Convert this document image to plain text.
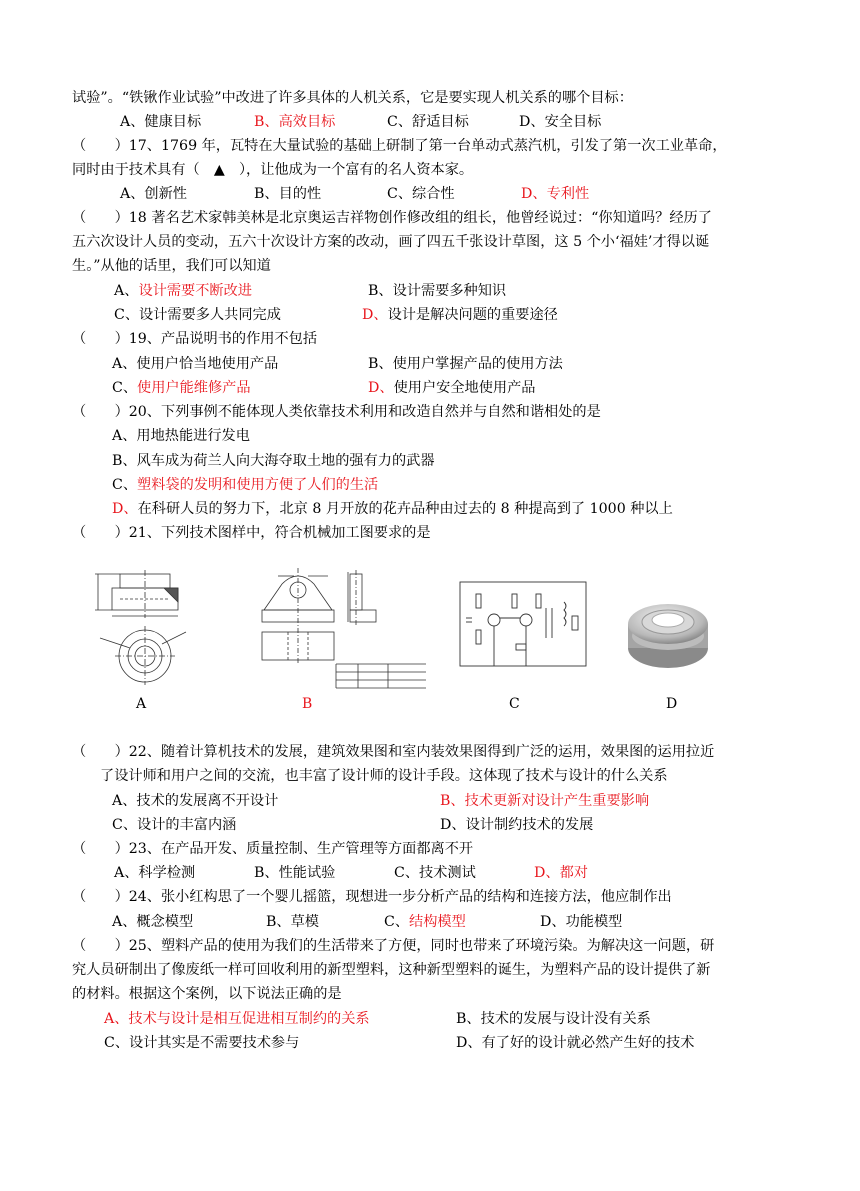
试验”。“铁锹作业试验”中改进了许多具体的人机关系，它是要实现人机关系的哪个目标：
A、健康目标	B、高效目标	C、舒适目标	D、安全目标
（　　）17、1769 年，瓦特在大量试验的基础上研制了第一台单动式蒸汽机，引发了第一次工业革命，
同时由于技术具有（　▲　），让他成为一个富有的名人资本家。
A、创新性	B、目的性	C、综合性	D、专利性
（　　）18 著名艺术家韩美林是北京奥运吉祥物创作修改组的组长，他曾经说过：“你知道吗？经历了
五六次设计人员的变动，五六十次设计方案的改动，画了四五千张设计草图，这 5 个小‘福娃’才得以诞
生。”从他的话里，我们可以知道
A、设计需要不断改进	B、设计需要多种知识
C、设计需要多人共同完成	D、设计是解决问题的重要途径
（　　）19、产品说明书的作用不包括
A、使用户恰当地使用产品	B、使用户掌握产品的使用方法
C、使用户能维修产品	D、使用户安全地使用产品
（　　）20、下列事例不能体现人类依靠技术利用和改造自然并与自然和谐相处的是
A、用地热能进行发电
B、风车成为荷兰人向大海夺取土地的强有力的武器
C、塑料袋的发明和使用方便了人们的生活
D、在科研人员的努力下，北京 8 月开放的花卉品种由过去的 8 种提高到了 1000 种以上
（　　）21、下列技术图样中，符合机械加工图要求的是
A	B	C	D
（　　）22、随着计算机技术的发展，建筑效果图和室内装效果图得到广泛的运用，效果图的运用拉近
了设计师和用户之间的交流，也丰富了设计师的设计手段。这体现了技术与设计的什么关系
A、技术的发展离不开设计	B、技术更新对设计产生重要影响
C、设计的丰富内涵	D、设计制约技术的发展
（　　）23、在产品开发、质量控制、生产管理等方面都离不开
A、科学检测	B、性能试验	C、技术测试	D、都对
（　　）24、张小红构思了一个婴儿摇篮，现想进一步分析产品的结构和连接方法，他应制作出
A、概念模型	B、草模	C、结构模型	D、功能模型
（　　）25、塑料产品的使用为我们的生活带来了方便，同时也带来了环境污染。为解决这一问题，研
究人员研制出了像废纸一样可回收利用的新型塑料，这种新型塑料的诞生，为塑料产品的设计提供了新
的材料。根据这个案例，以下说法正确的是
A、技术与设计是相互促进相互制约的关系	B、技术的发展与设计没有关系
C、设计其实是不需要技术参与	D、有了好的设计就必然产生好的技术
